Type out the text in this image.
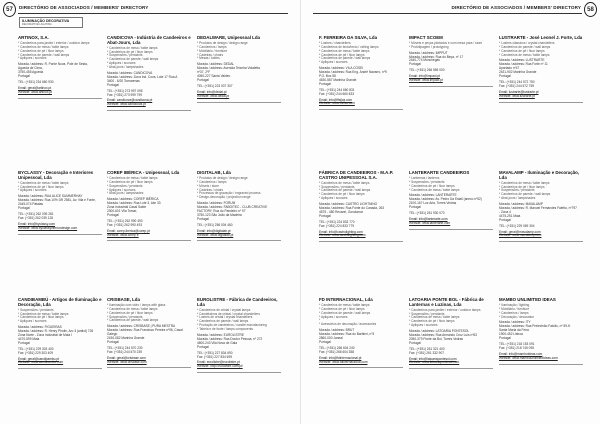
57	DIRECTÓRIO DE ASSOCIADOS / MEMBERS' DIRECTORY
ILUMINAÇÃO DECORATIVA
DECORATIVE LIGHTING
ARTINOX, S.A.
* Candeeiros para jardim / exterior / outdoor lamps
* Candeeiros de mesa / table lamps
* Candeeiros de pé / floor lamps
* Candeeiros de parede / wall lamps
* Apliques / sconces
Morada / address: R. Ponte Nova, Pole de Sesta,
Agueda de Cima,
3750-455 Agueda
Portugal
TEL: (+351) 234 660 930
Email: geral@artinox.pt
Website: www.artinox.pt
BYCLASSY - Decoração e Interiores Unipessoal, Lda
* Candeeiros de mesa / table lamps
* Candeeiros de pé / floor lamps
* Apliques / sconces
Morada / address: RUA ALICE SUMMERHAY
Morada / address: Rua 10% DR 2581, Av. Vila e Fonte,
2445-074 Pataias
Portugal
TEL: (+351) 262 039 281
Fax: (+351) 262 039 128
Email: info@byclassy.com
Website: www.byclassyinteriordesign.com
CANDIBAMBÚ - Artigos de Iluminação e Decoração, Lda
* Suspensões / pendants
* Candeeiros de mesa / table lamps
* Candeeiros de pé / floor lamps
* Apliques / sconces
Morada / address: FIGUEIRAS
Morada / address: R. Henry Pholln, Aro 3 (antiot) 726
Zona Norte - Zona Industrial de Maia I
4470-599 Maia
Portugal
TEL: (+351) 229 303 400
Fax: (+351) 229 303 409
Email: geral@candibambu.pt
Website: www.candibambu.com
CANDICOVA - Indústria de Candeeiros e Abat-Jours, Lda
* Candeeiros de mesa / table lamps
* Candeeiros de pé / floor lamps
* Suspensões / pendants
* Candeeiros de parede / wall lamps
* Apliques / sconces
* Abat-jours / lampshades
Morada / address: CANDICOVA
Morada / address: Zona Ind. Cova, Lote 17 Rua A
3400 - 6/20 Tomarenas
Portugal
TEL: (+351) 273 997 095
Fax: (+351) 273 999 799
Email: candicova@candicova.pt
Website: www.candicova.pt
COREP IBÉRICA - Unipessoal, Lda
* Candeeiros de mesa / table lamps
* Candeeiros de pé / floor lamps
* Suspensões / pendants
* Apliques / sconces
* Abat-jours / lampshades
Morada / address: COREP IBÉRICA
Morada / address: Rua Lote 3, lote 33
Zona Industrial Casal Sabie
2300-601 Vila Tomar,
Portugal
TEL: (+351) 262 990 493
Fax: (+351) 262 990 493
Email: corep.iberica@corep.pt
Website: www.corep.fr
CRISBASE, Lda
* Iluminação com vidro / lamps with glass
* Candeeiros de mesa / table lamps
* Candeeiros de pé / floor lamps
* Suspensões / pendants
* Candeeiros de parede / wall lamps
Morada / address: CRISBASE | PURA MESTRA
Morada / address: Rua Francisco Pereira nº96, Casal Galego
2430-082 Marinha Grande
Portugal
TEL: (+351) 244 570 230
Fax: (+351) 244 570 239
Email: geral@crisbase.com
Website: www.crisbase.com
DEDALWARE, Unipessoal Lda
* Produtos de design / design range
* Candeeiros / lamps
* Mobiliário / furniture
* Cadeiras / chairs
* Mesas / tables
Morada / address: DEDAL
Morada / address: Avenida Teixeira Vidaletta
nº37, 2ºF
4050-227 Santa Valdeo
Portugal
TEL: (+351) 223 007 307
Email: info@dedal.pt
Website: www.dedal.pt
DIGITALAB, Lda
* Produtos de design / design range
* Candeeiros / lamps
* Móveis / store
* Cadeiras / chairs
* Processos de gravação / engraved process
* Design-decoração / projection range
Morada / address: FORUM
Morada / address: FABOITEC - CLUB CREATIVE
FACTORY, Rua do Pandeiro nº 97
3750-123 São João da Madeira
Portugal
TEL: (+351) 256 004 460
Email: info@digitalab.pt
Website: www.digitalab.pt
EUROLISTRE - Fábrica de Candeeiros, Lda
* Candeeiros de cristal / crystal lamps
* Candelabros de cristal / crystal chandeliers
* Lustres de cristal / crystal chandeliers
* Candeeiros de parede / wall lamps
* Produção de candeeiros / candle manufacturing
* Tabela e de fonte / lamps components
Morada / address: EUROLISTRE
Morada / address: Rua Doutor Pessoa, nº 272
4600-243 Vila Nova de Gaia
Portugal
TEL: (+351) 227 834 690
Fax: (+351) 227 834 699
Email: eurolistre@eurolistre.pt
Website: http://eurolistre.com/pt/
58
DIRECTÓRIO DE ASSOCIADOS / MEMBERS' DIRECTORY
F. FERREIRA DA SILVA, Lda
* Lustres / chandeliers
* Candeeiros de tecto/tecto / ceiling lamps
* Candeeiros de mesa / table lamps
* Candeeiros de pé / floor lamps
* Candeeiros de parede / wall lamps
* Apliques / sconces
Morada / address: VILA COSEI
Morada / address: Rua Eng. André Navarro, nº9
P.O. Box 58
4630-587 Marinha Grande
Portugal
TEL: (+351) 244 660 831
Fax: (+351) 244 660 833
Email: info@ffsilva.com
Website: www.ffsilva.com
FÁBRICA DE CANDEEIROS - M.A.P. CASTRO UNIPESSOAL S.A.
* Candeeiros de mesa / table lamps
* Suspensões / pendants
* Candeeiros de parede / wall lamps
* Candeeiros de pé / floor lamps
* Apliques / sconces
Morada / address: CASTRO LIGHTNING
Morada / address: Rua Fonte do Canadá, 263
4575 - 480 Recarei, Gondomar
Portugal
TEL: (+351) 224 833 770
Fax: (+351) 224 833 779
Email: info@castrolighting.com
Website: www.castrolighting.com
FD INTERNACIONAL, Lda
* Candeeiros de mesa / table lamps
* Candeeiros de pé / floor lamps
* Candeeiros de parede / wall lamps
* Apliques / sconces
*
* Acessórios de decoração / accessories
Morada / address: BRUT
Morada / address: Rua do Barbieri, nº3
2860-000 Janeal
Portugal
TEL: (+351) 266 604 240
Fax: (+351) 266 604 358
Email: info@fdinternacional.pt
Website: www.fdinternacional.com
IMPACT SCOEM
* Móveis e peças pilotados e com mesa para / store
* Protótipagem / prototyping
Morada / address: IMPPUT
Morada / address: Rua do Beça, nº 17
2440-774 Monchegas
Portugal
TEL: (+351) 266 555 000
Email: info@impact.pt
Website: www.impact.pt
LANTERARTE CANDEEIROS
* Lanternas / lanterns
* Suspensões / pendants
* Candeeiros de pé / floor lamps
* Candeeiros de mesa / table lamps
Morada / address: LANTERARTE
Morada / address: Av. Pedro Da Estall (anexo nº52)
2100-167 Luz Aria, Torres Vedras
Portugal
TEL: (+351) 261 930 070
Email: info@lanterarte.com
Website: www.lanterarte.com
LATOARIA PONTE BOL - Fábrica de Lanternas e Luzinas, Lda
* Candeeiros para jardim / exterior / outdoor lamps
* Suspensões / pendants
* Candeeiros de mesa / table lamps
* Candeeiros de pé / floor lamps
* Apliques / sconces
Morada / address: LATOARIA PONTESOL
Morada / address: Rua Armando Cruz Luís nº63
2050-379 Ponte da Bol, Torres Vedras
Portugal
TEL: (+351) 261 321 400
Fax: (+351) 261 332 907
Email: info@latoariapontesol.com
Website: www.latoariapontesol.com
LUSTRARTE - José Leonel J. Forte, Lda
* Lustres clássicos / crystal chandeliers
* Candeeiros de parede / wall lamps
* Candeeiros de pé / floor lamps
* Candeeiros de mesa / table lamps
Morada / address: LUSTRARTE
Morada / address: Rua Forte nº 11
Apartado nº47
2431-902 Marinha Grande
Portugal
TEL: (+351) 244 572 750
Fax: (+351) 244 572 759
Email: lustrarte@lustrarte.pt
Website: www.lustrarte.pt
MAVALAMP - Iluminação e Decoração, Lda
* Candeeiros de mesa / table lamps
* Candeeiros de pé / floor lamps
* Suspensões / pendants
* Candeeiros de parede / wall lamps
* Abat-jours / lampshades
Morada / address: MAVALAMP
Morada / address: R. Manuel Fernandes Faletto, nº797
- Zona 4
4475-251 Maia
Portugal
TEL: (+351) 229 069 304
Email: geral@mavalamp.com
Website: www.mavalamp.com
MAMBO UNLIMITED IDEAS
* Iluminação / lighting
* Mobiliário / furniture
* Candeeiros / lamps
* Decoração / decoration
Morada / address: ITY
Morada / address: Rua Prelecinão Falcão, nº 59-H
Santa Maria da Feira
1900-452 Lisboa
Portugal
TEL: (+351) 218 153 091
Fax: (+351) 218 745 095
Email: info@mamboideas.com
Website: www.mambounlimitedideas.com
